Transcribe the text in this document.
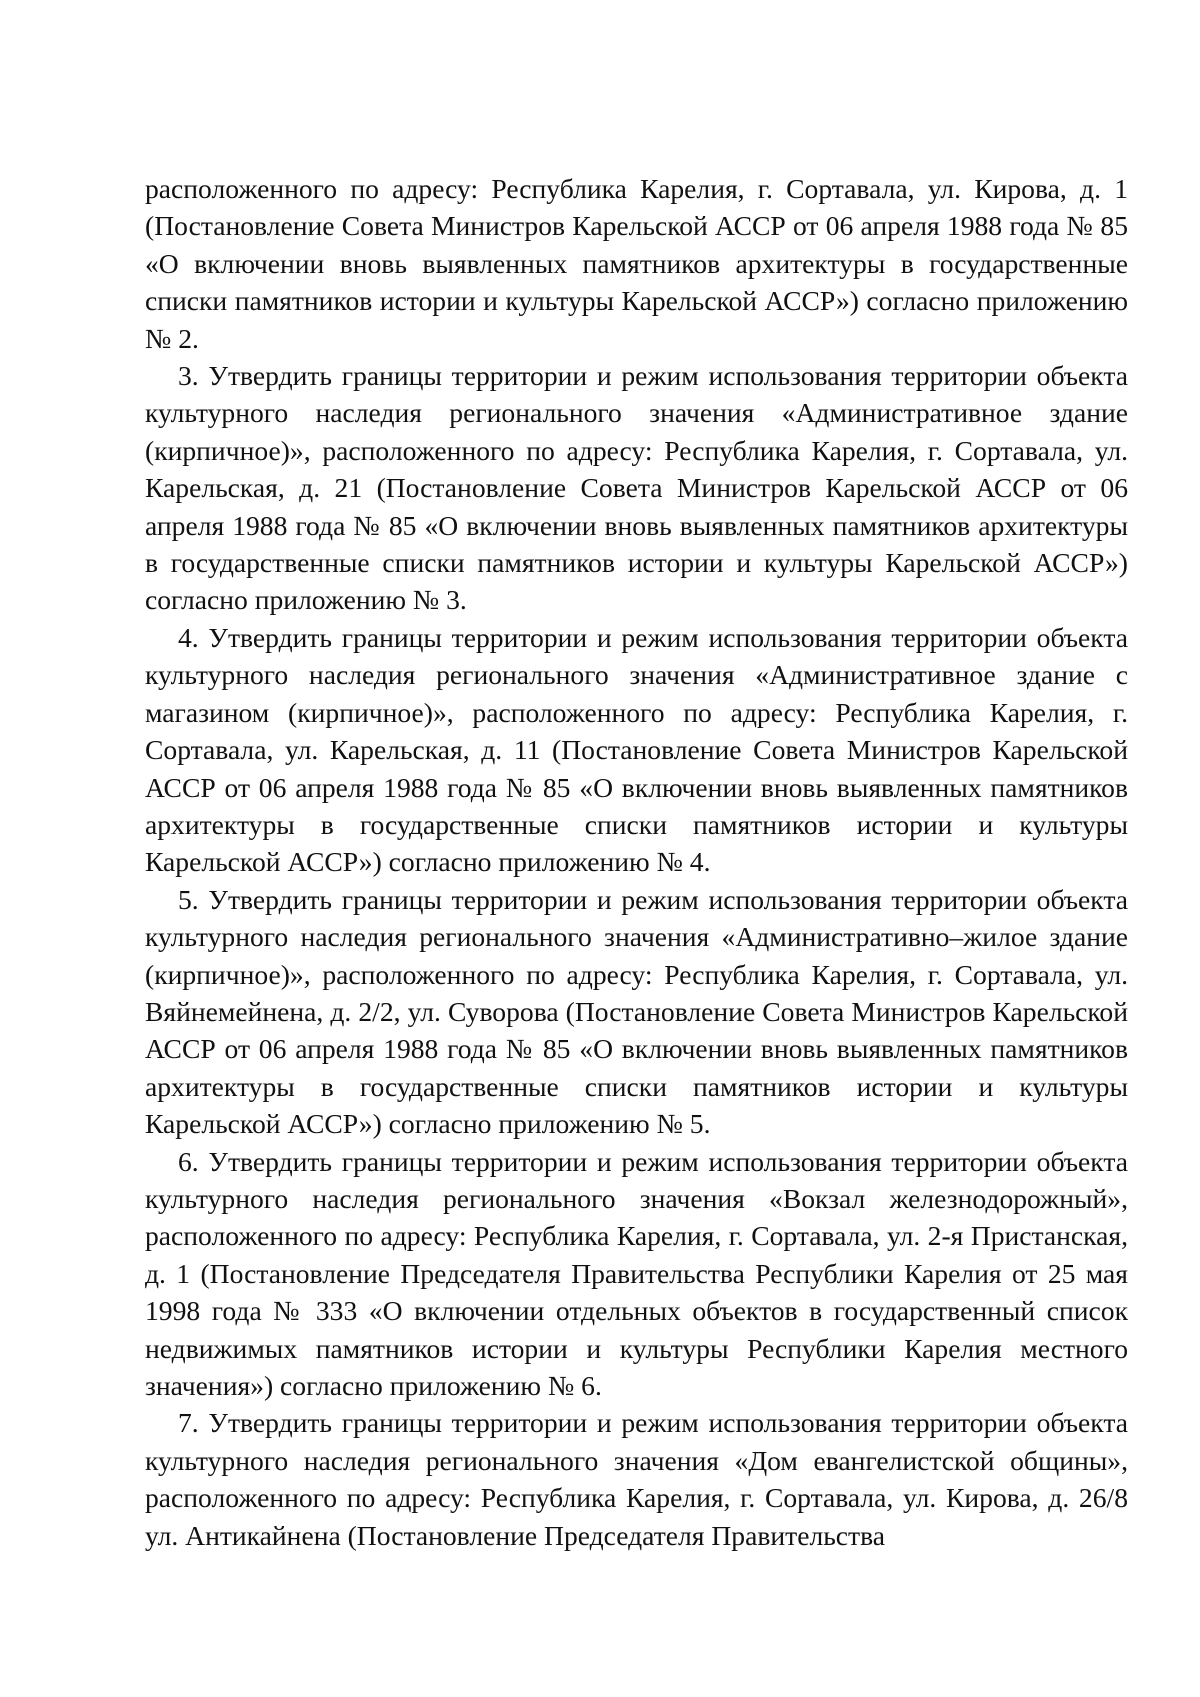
расположенного по адресу: Республика Карелия, г. Сортавала, ул. Кирова, д. 1 (Постановление Совета Министров Карельской АССР от 06 апреля 1988 года № 85 «О включении вновь выявленных памятников архитектуры в государственные списки памятников истории и культуры Карельской АССР») согласно приложению № 2.

3. Утвердить границы территории и режим использования территории объекта культурного наследия регионального значения «Административное здание (кирпичное)», расположенного по адресу: Республика Карелия, г. Сортавала, ул. Карельская, д. 21 (Постановление Совета Министров Карельской АССР от 06 апреля 1988 года № 85 «О включении вновь выявленных памятников архитектуры в государственные списки памятников истории и культуры Карельской АССР») согласно приложению № 3.

4. Утвердить границы территории и режим использования территории объекта культурного наследия регионального значения «Административное здание с магазином (кирпичное)», расположенного по адресу: Республика Карелия, г. Сортавала, ул. Карельская, д. 11 (Постановление Совета Министров Карельской АССР от 06 апреля 1988 года № 85 «О включении вновь выявленных памятников архитектуры в государственные списки памятников истории и культуры Карельской АССР») согласно приложению № 4.

5. Утвердить границы территории и режим использования территории объекта культурного наследия регионального значения «Административно–жилое здание (кирпичное)», расположенного по адресу: Республика Карелия, г. Сортавала, ул. Вяйнемейнена, д. 2/2, ул. Суворова (Постановление Совета Министров Карельской АССР от 06 апреля 1988 года № 85 «О включении вновь выявленных памятников архитектуры в государственные списки памятников истории и культуры Карельской АССР») согласно приложению № 5.

6. Утвердить границы территории и режим использования территории объекта культурного наследия регионального значения «Вокзал железнодорожный», расположенного по адресу: Республика Карелия, г. Сортавала, ул. 2-я Пристанская, д. 1 (Постановление Председателя Правительства Республики Карелия от 25 мая 1998 года № 333 «О включении отдельных объектов в государственный список недвижимых памятников истории и культуры Республики Карелия местного значения») согласно приложению № 6.

7. Утвердить границы территории и режим использования территории объекта культурного наследия регионального значения «Дом евангелистской общины», расположенного по адресу: Республика Карелия, г. Сортавала, ул. Кирова, д. 26/8 ул. Антикайнена (Постановление Председателя Правительства
